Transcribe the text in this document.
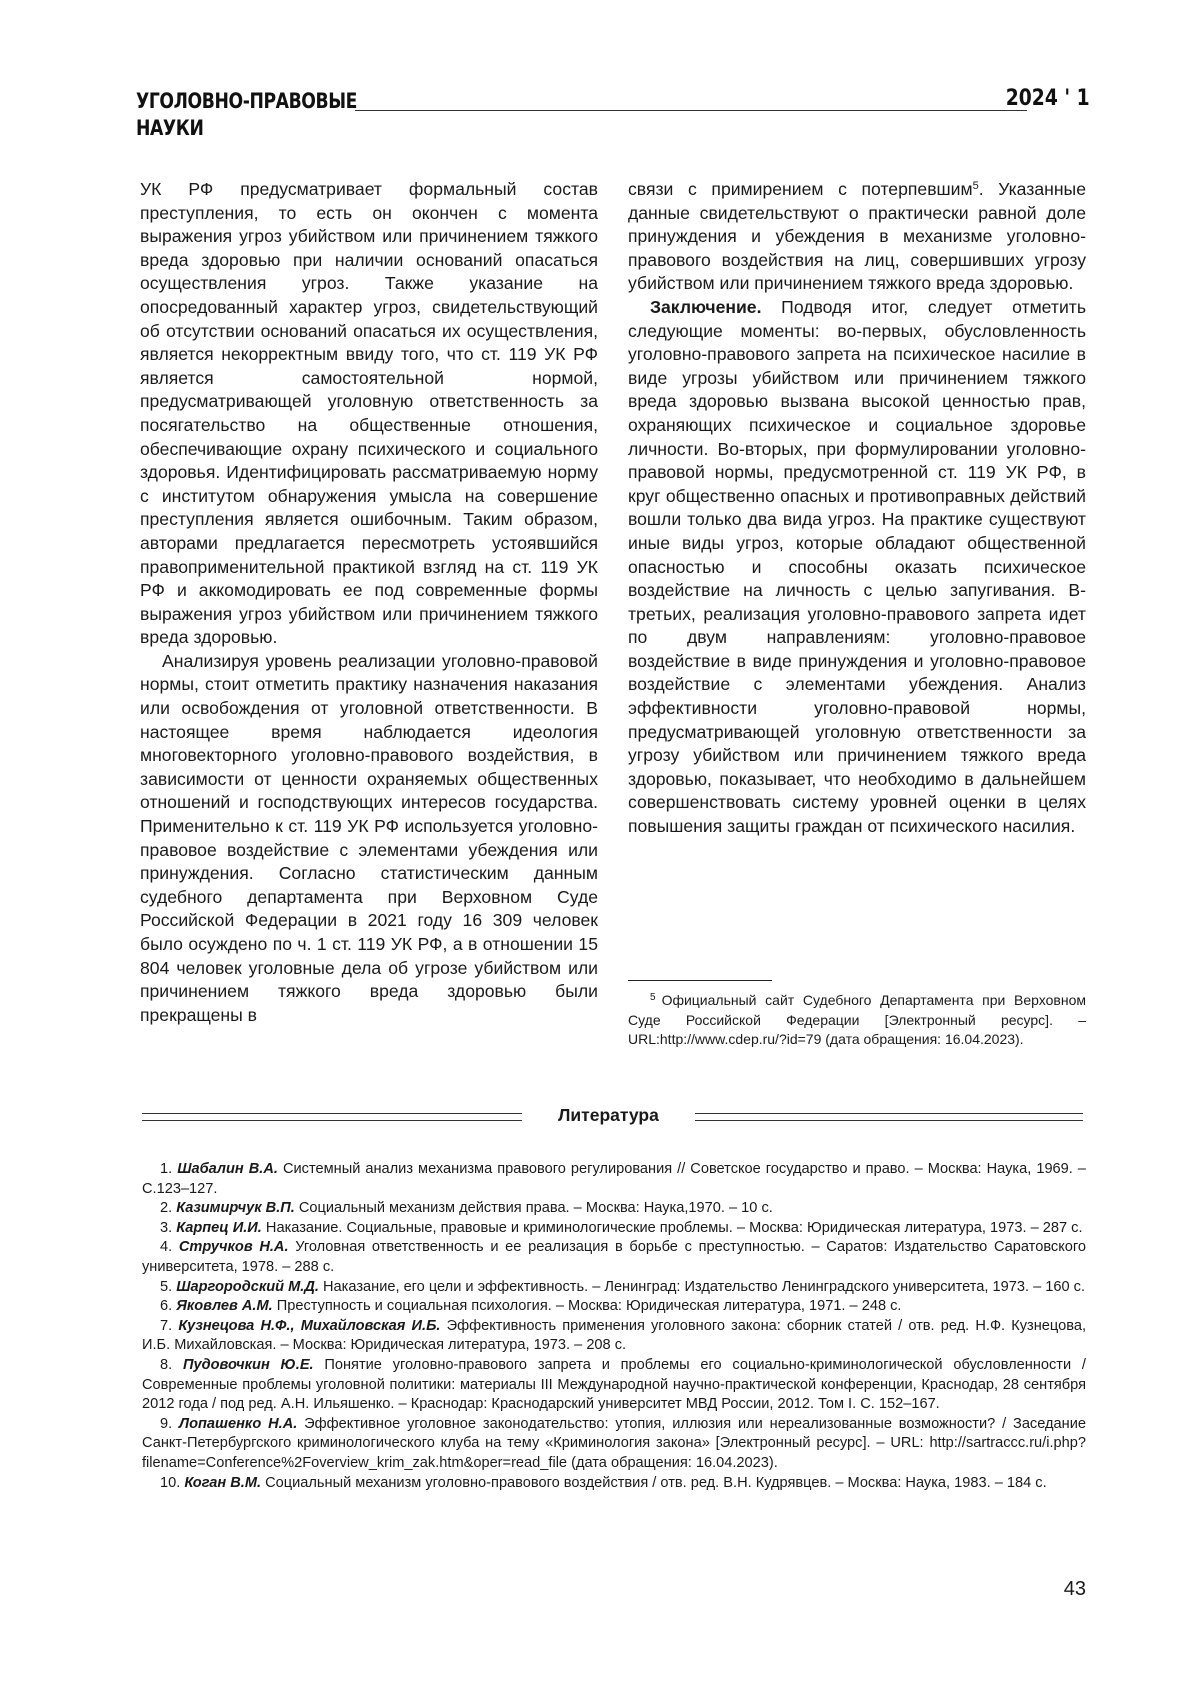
УГОЛОВНО-ПРАВОВЫЕ
НАУКИ
2024 ' 1

УК РФ предусматривает формальный состав преступления, то есть он окончен с момента выражения угроз убийством или причинением тяжкого вреда здоровью при наличии оснований опасаться осуществления угроз. Также указание на опосредованный характер угроз, свидетельствующий об отсутствии оснований опасаться их осуществления, является некорректным ввиду того, что ст. 119 УК РФ является самостоятельной нормой, предусматривающей уголовную ответственность за посягательство на общественные отношения, обеспечивающие охрану психического и социального здоровья. Идентифицировать рассматриваемую норму с институтом обнаружения умысла на совершение преступления является ошибочным. Таким образом, авторами предлагается пересмотреть устоявшийся правоприменительной практикой взгляд на ст. 119 УК РФ и аккомодировать ее под современные формы выражения угроз убийством или причинением тяжкого вреда здоровью.

Анализируя уровень реализации уголовно-правовой нормы, стоит отметить практику назначения наказания или освобождения от уголовной ответственности. В настоящее время наблюдается идеология многовекторного уголовно-правового воздействия, в зависимости от ценности охраняемых общественных отношений и господствующих интересов государства. Применительно к ст. 119 УК РФ используется уголовно-правовое воздействие с элементами убеждения или принуждения. Согласно статистическим данным судебного департамента при Верховном Суде Российской Федерации в 2021 году 16 309 человек было осуждено по ч. 1 ст. 119 УК РФ, а в отношении 15 804 человек уголовные дела об угрозе убийством или причинением тяжкого вреда здоровью были прекращены в

связи с примирением с потерпевшим$^5$. Указанные данные свидетельствуют о практически равной доле принуждения и убеждения в механизме уголовно-правового воздействия на лиц, совершивших угрозу убийством или причинением тяжкого вреда здоровью.

Заключение. Подводя итог, следует отметить следующие моменты: во-первых, обусловленность уголовно-правового запрета на психическое насилие в виде угрозы убийством или причинением тяжкого вреда здоровью вызвана высокой ценностью прав, охраняющих психическое и социальное здоровье личности. Во-вторых, при формулировании уголовно-правовой нормы, предусмотренной ст. 119 УК РФ, в круг общественно опасных и противоправных действий вошли только два вида угроз. На практике существуют иные виды угроз, которые обладают общественной опасностью и способны оказать психическое воздействие на личность с целью запугивания. В-третьих, реализация уголовно-правового запрета идет по двум направлениям: уголовно-правовое воздействие в виде принуждения и уголовно-правовое воздействие с элементами убеждения. Анализ эффективности уголовно-правовой нормы, предусматривающей уголовную ответственности за угрозу убийством или причинением тяжкого вреда здоровью, показывает, что необходимо в дальнейшем совершенствовать систему уровней оценки в целях повышения защиты граждан от психического насилия.

$^5$ Официальный сайт Судебного Департамента при Верховном Суде Российской Федерации [Электронный ресурс]. – URL:http://www.cdep.ru/?id=79 (дата обращения: 16.04.2023).
Литература

1. Шабалин В.А. Системный анализ механизма правового регулирования // Советское государство и право. – Москва: Наука, 1969. – С.123–127.

2. Казимирчук В.П. Социальный механизм действия права. – Москва: Наука,1970. – 10 с.

3. Карпец И.И. Наказание. Социальные, правовые и криминологические проблемы. – Москва: Юридическая литература, 1973. – 287 с.

4. Стручков Н.А. Уголовная ответственность и ее реализация в борьбе с преступностью. – Саратов: Издательство Саратовского университета, 1978. – 288 с.

5. Шаргородский М.Д. Наказание, его цели и эффективность. – Ленинград: Издательство Ленинградского университета, 1973. – 160 с.

6. Яковлев А.М. Преступность и социальная психология. – Москва: Юридическая литература, 1971. – 248 с.

7. Кузнецова Н.Ф., Михайловская И.Б. Эффективность применения уголовного закона: сборник статей / отв. ред. Н.Ф. Кузнецова, И.Б. Михайловская. – Москва: Юридическая литература, 1973. – 208 с.

8. Пудовочкин Ю.Е. Понятие уголовно-правового запрета и проблемы его социально-криминологической обусловленности / Современные проблемы уголовной политики: материалы III Международной научно-практической конференции, Краснодар, 28 сентября 2012 года / под ред. А.Н. Ильяшенко. – Краснодар: Краснодарский университет МВД России, 2012. Том I. С. 152–167.

9. Лопашенко Н.А. Эффективное уголовное законодательство: утопия, иллюзия или нереализованные возможности? / Заседание Санкт-Петербургского криминологического клуба на тему «Криминология закона» [Электронный ресурс]. – URL: http://sartraccc.ru/i.php?filename=Conference%2Foverview_krim_zak.htm&oper=read_file (дата обращения: 16.04.2023).

10. Коган В.М. Социальный механизм уголовно-правового воздействия / отв. ред. В.Н. Кудрявцев. – Москва: Наука, 1983. – 184 с.

43
